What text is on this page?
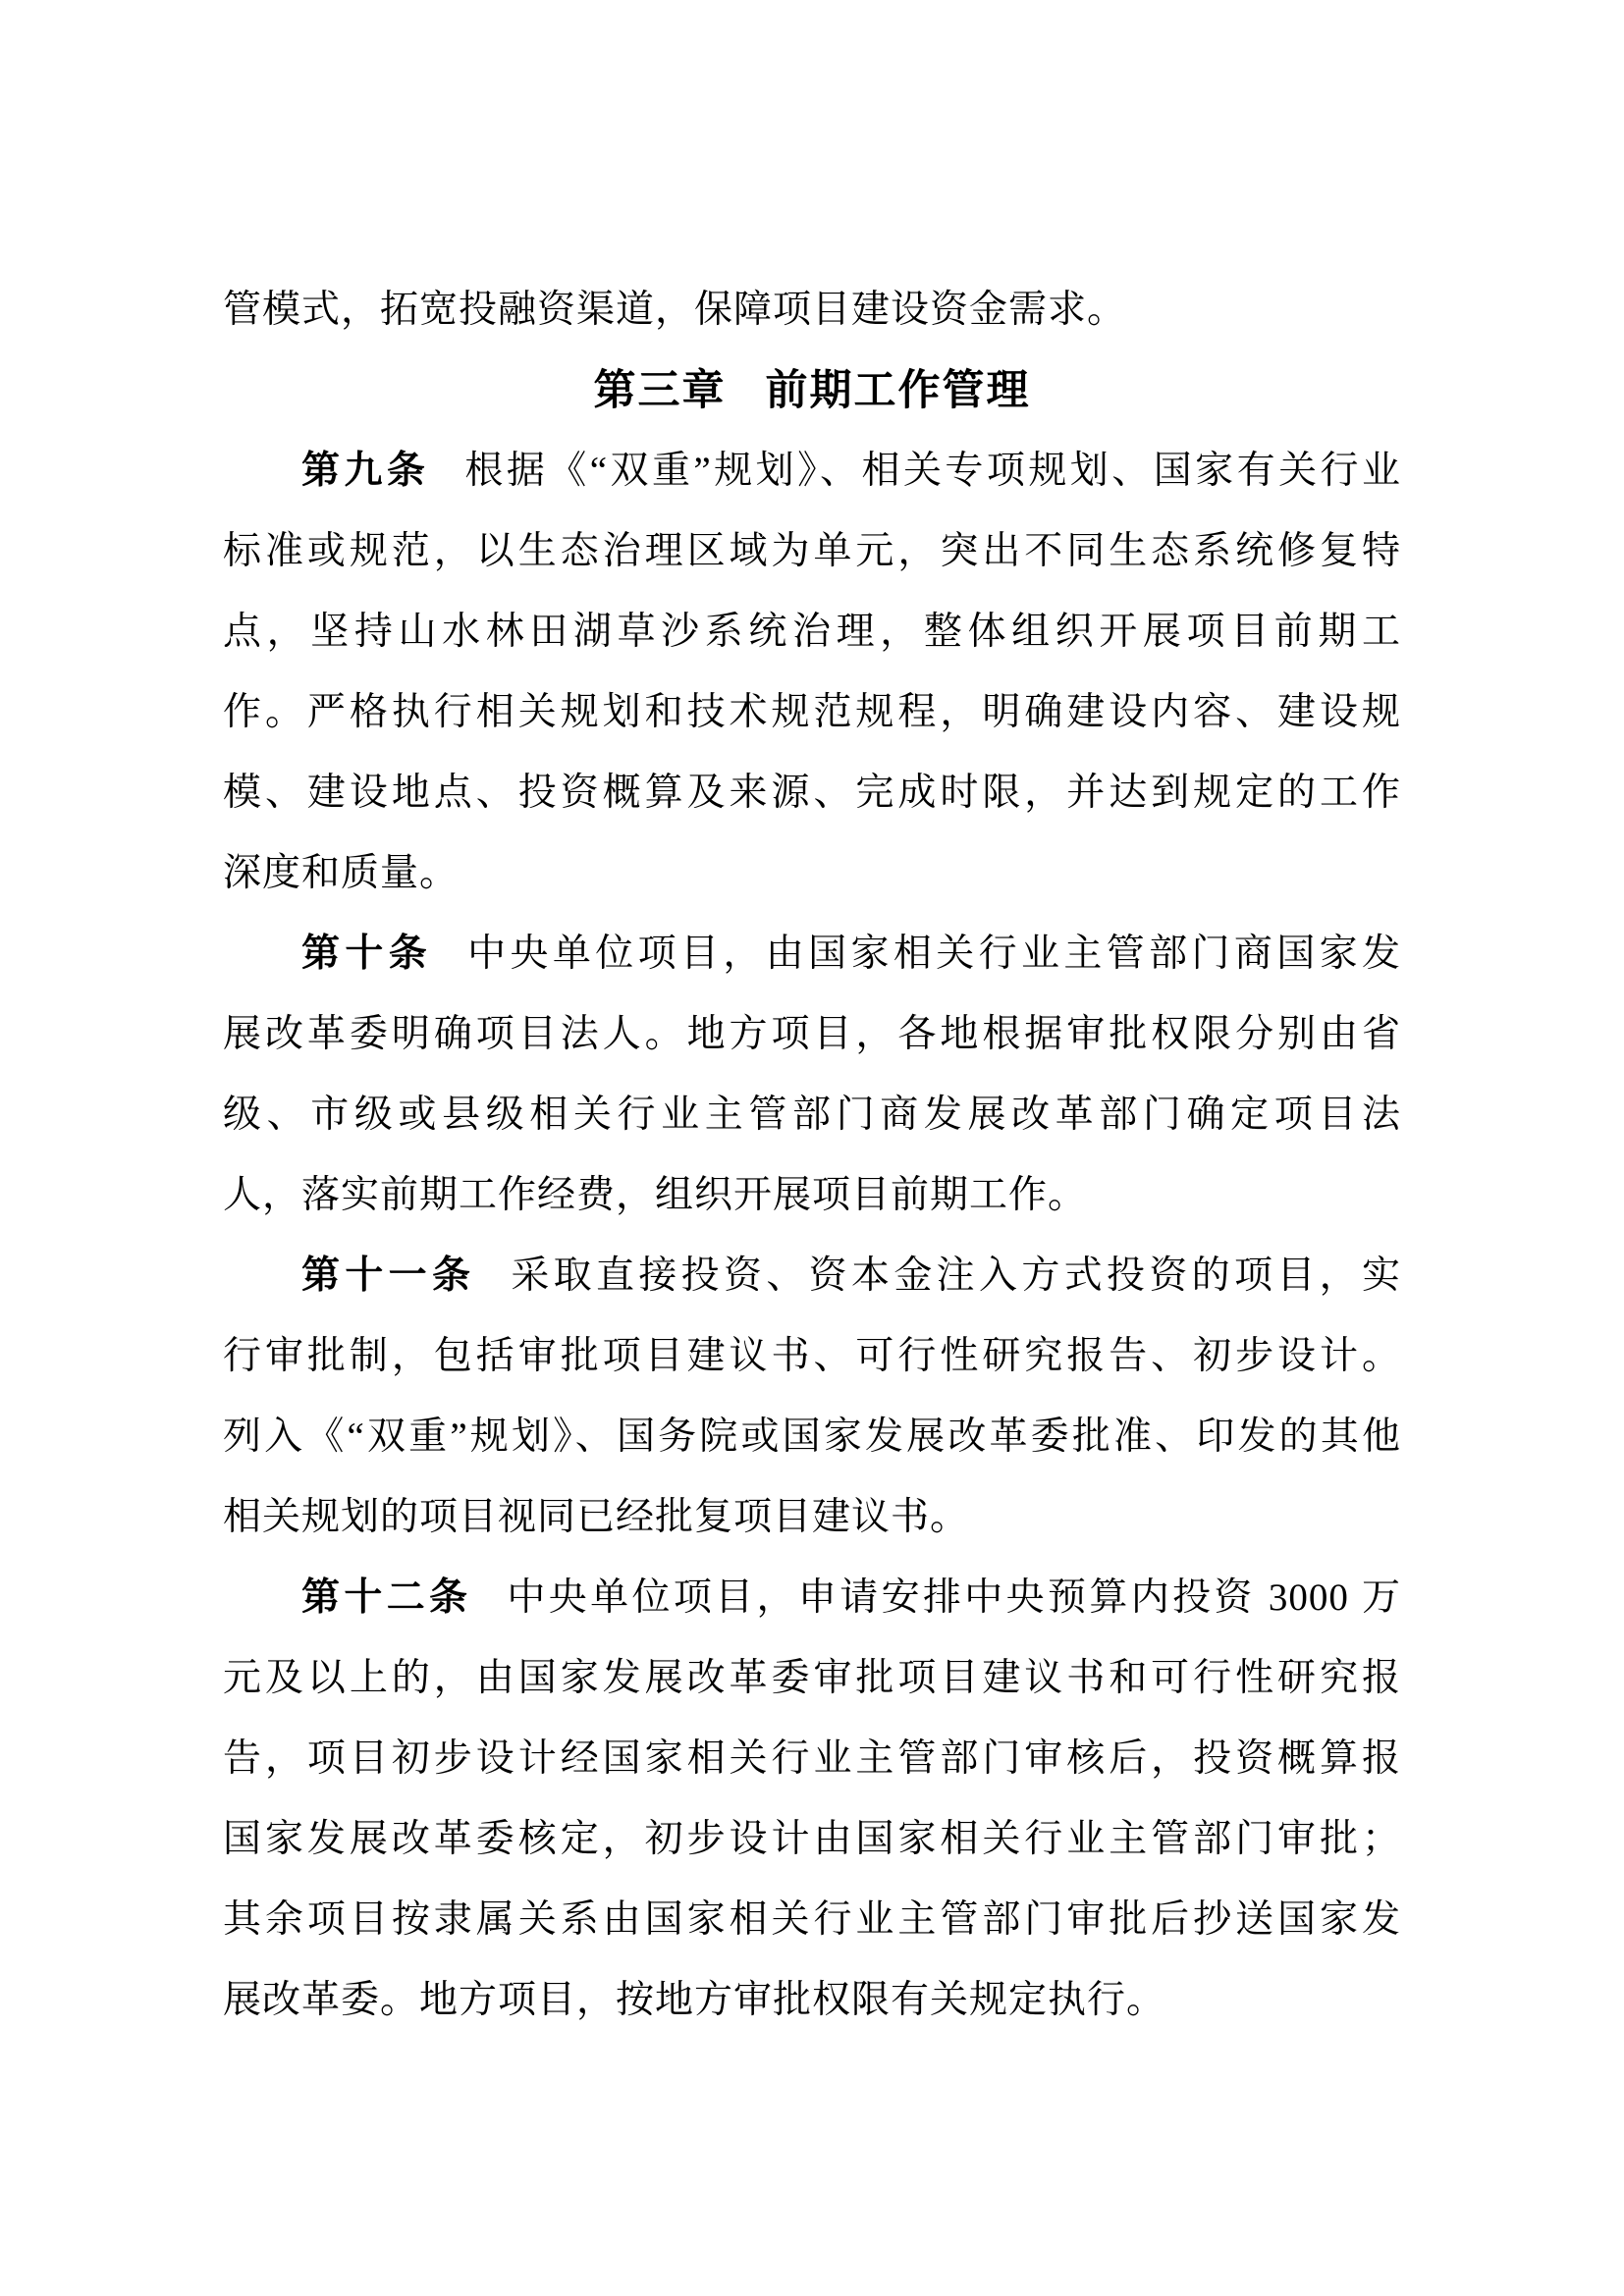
管模式，拓宽投融资渠道，保障项目建设资金需求。
第三章 前期工作管理
第九条 根据《“双重”规划》、相关专项规划、国家有关行业
标准或规范，以生态治理区域为单元，突出不同生态系统修复特
点，坚持山水林田湖草沙系统治理，整体组织开展项目前期工
作。严格执行相关规划和技术规范规程，明确建设内容、建设规
模、建设地点、投资概算及来源、完成时限，并达到规定的工作
深度和质量。
第十条 中央单位项目，由国家相关行业主管部门商国家发
展改革委明确项目法人。地方项目，各地根据审批权限分别由省
级、市级或县级相关行业主管部门商发展改革部门确定项目法
人，落实前期工作经费，组织开展项目前期工作。
第十一条 采取直接投资、资本金注入方式投资的项目，实
行审批制，包括审批项目建议书、可行性研究报告、初步设计。
列入《“双重”规划》、国务院或国家发展改革委批准、印发的其他
相关规划的项目视同已经批复项目建议书。
第十二条 中央单位项目，申请安排中央预算内投资 3000 万
元及以上的，由国家发展改革委审批项目建议书和可行性研究报
告，项目初步设计经国家相关行业主管部门审核后，投资概算报
国家发展改革委核定，初步设计由国家相关行业主管部门审批；
其余项目按隶属关系由国家相关行业主管部门审批后抄送国家发
展改革委。地方项目，按地方审批权限有关规定执行。
